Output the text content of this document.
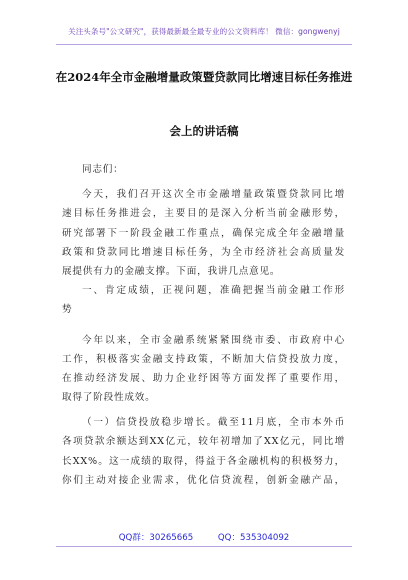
关注头条号"公文研究"，获得最新最全最专业的公文资料库！ 微信：gongwenyj
在2024年全市金融增量政策暨贷款同比增速目标任务推进
会上的讲话稿
同志们：
今天，我们召开这次全市金融增量政策暨贷款同比增
速目标任务推进会，主要目的是深入分析当前金融形势，
研究部署下一阶段金融工作重点，确保完成全年金融增量
政策和贷款同比增速目标任务，为全市经济社会高质量发
展提供有力的金融支撑。下面，我讲几点意见。
一、肯定成绩，正视问题，准确把握当前金融工作形
势
今年以来，全市金融系统紧紧围绕市委、市政府中心
工作，积极落实金融支持政策，不断加大信贷投放力度，
在推动经济发展、助力企业纾困等方面发挥了重要作用，
取得了阶段性成效。
（一）信贷投放稳步增长。截至11月底，全市本外币
各项贷款余额达到XX亿元，较年初增加了XX亿元，同比增
长XX%。这一成绩的取得，得益于各金融机构的积极努力，
你们主动对接企业需求，优化信贷流程，创新金融产品，
QQ群：30265665	QQ：535304092
